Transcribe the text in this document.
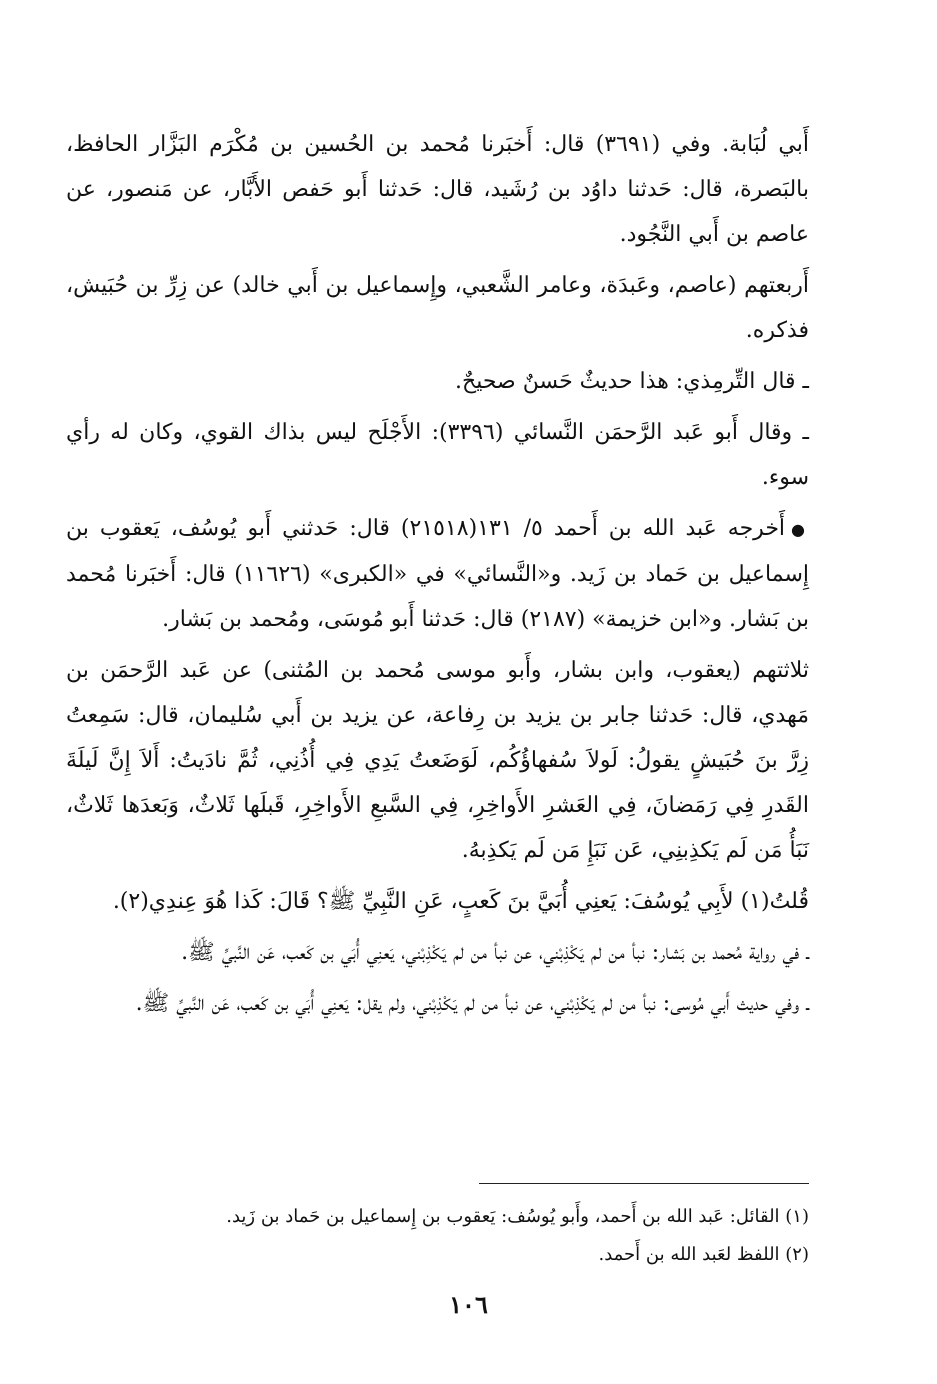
أَبي لُبَابة. وفي (٣٦٩١) قال: أَخبَرنا مُحمد بن الحُسين بن مُكْرَم البَزَّار الحافظ، بالبَصرة، قال: حَدثنا داوُد بن رُشَيد، قال: حَدثنا أَبو حَفص الأَبَّار، عن مَنصور، عن عاصم بن أَبي النَّجُود.

أَربعتهم (عاصم، وعَبدَة، وعامر الشَّعبي، وإِسماعيل بن أَبي خالد) عن زِرِّ بن حُبَيش، فذكره.

ـ قال التِّرمِذي: هذا حديثٌ حَسنٌ صحيحٌ.

ـ وقال أَبو عَبد الرَّحمَن النَّسائي (٣٣٩٦): الأَجْلَح ليس بذاك القوي، وكان له رأي سوء.

●أَخرجه عَبد الله بن أَحمد ٥/ ١٣١(٢١٥١٨) قال: حَدثني أَبو يُوسُف، يَعقوب بن إِسماعيل بن حَماد بن زَيد. و«النَّسائي» في «الكبرى» (١١٦٢٦) قال: أَخبَرنا مُحمد بن بَشار. و«ابن خزيمة» (٢١٨٧) قال: حَدثنا أَبو مُوسَى، ومُحمد بن بَشار.

ثلاثتهم (يعقوب، وابن بشار، وأَبو موسى مُحمد بن المُثنى) عن عَبد الرَّحمَن بن مَهدي، قال: حَدثنا جابر بن يزيد بن رِفاعة، عن يزيد بن أَبي سُليمان، قال: سَمِعتُ زِرَّ بنَ حُبَيشٍ يقولُ: لَولاَ سُفهاؤُكُم، لَوَضَعتُ يَدِي فِي أُذُنِي، ثُمَّ نادَيتُ: أَلاَ إِنَّ لَيلَةَ القَدرِ فِي رَمَضانَ، فِي العَشرِ الأَواخِرِ، فِي السَّبعِ الأَواخِرِ، قَبلَها ثَلاثٌ، وَبَعدَها ثَلاثٌ، نَبَأُ مَن لَم يَكذِبنِي، عَن نَبَإِ مَن لَم يَكذِبهُ.

قُلتُ(١) لأَبِي يُوسُفَ: يَعنِي أُبَيَّ بنَ كَعبٍ، عَنِ النَّبِيِّ ﷺ؟ قَالَ: كَذا هُوَ عِندِي(٢).

ـ في رواية مُحمد بن بَشار: نبأ من لم يَكْذِبْني، عن نبأ من لم يَكْذِبْني، يَعنِي أُبَي بن كَعب، عَن النَّبيِّ ﷺ.

ـ وفي حديث أَبي مُوسى: نبأ من لم يَكْذِبْني، عن نبأ من لم يَكْذِبْني، ولم يقل: يَعنِي أُبَي بن كَعب، عَن النَّبيِّ ﷺ.

(١) القائل: عَبد الله بن أَحمد، وأَبو يُوسُف: يَعقوب بن إِسماعيل بن حَماد بن زَيد.

(٢) اللفظ لعَبد الله بن أَحمد.

١٠٦
